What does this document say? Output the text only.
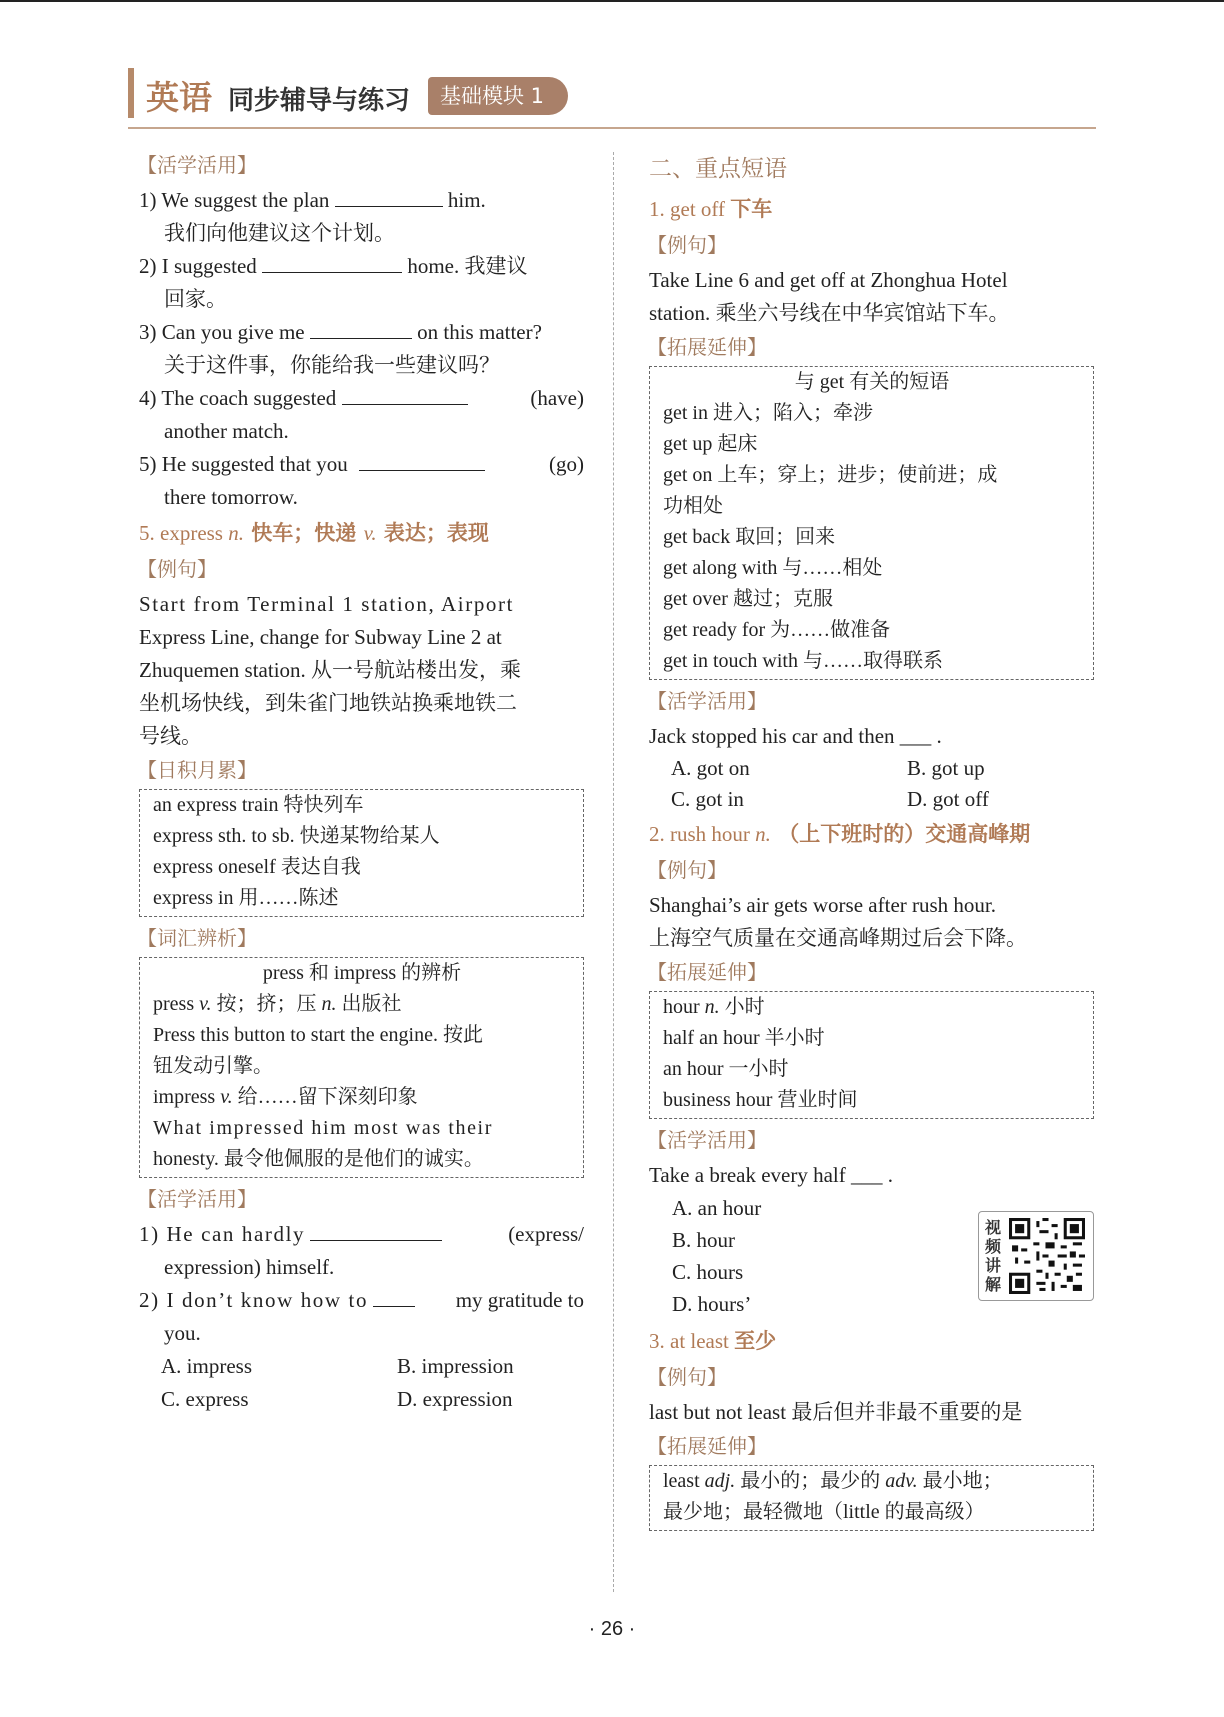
英语 同步辅导与练习	基础模块 1
【活学活用】
1) We suggest the plan	him.
我们向他建议这个计划。
2) I suggested	home. 我建议
回家。
3) Can you give me	on this matter?
关于这件事，你能给我一些建议吗？
4) The coach suggested	(have)
another match.
5) He suggested that you	(go)
there tomorrow.
5. express n. 快车；快递 v. 表达；表现
【例句】
Start from Terminal 1 station, Airport
Express Line, change for Subway Line 2 at
Zhuquemen station. 从一号航站楼出发，乘
坐机场快线，到朱雀门地铁站换乘地铁二
号线。
【日积月累】
an express train 特快列车
express sth. to sb. 快递某物给某人
express oneself 表达自我
express in 用……陈述
【词汇辨析】
press 和 impress 的辨析
press v. 按；挤；压 n. 出版社
Press this button to start the engine. 按此
钮发动引擎。
impress v. 给……留下深刻印象
What impressed him most was their
honesty. 最令他佩服的是他们的诚实。
【活学活用】
1) He can hardly	(express/
expression) himself.
2) I don’t know how to	my gratitude to
you.
A. impress	B. impression
C. express	D. expression
二、重点短语
1. get off 下车
【例句】
Take Line 6 and get off at Zhonghua Hotel
station. 乘坐六号线在中华宾馆站下车。
【拓展延伸】
与 get 有关的短语
get in 进入；陷入；牵涉
get up 起床
get on 上车；穿上；进步；使前进；成
功相处
get back 取回；回来
get along with 与……相处
get over 越过；克服
get ready for 为……做准备
get in touch with 与……取得联系
【活学活用】
Jack stopped his car and then ___ .
A. got on	B. got up
C. got in	D. got off
2. rush hour n. （上下班时的）交通高峰期
【例句】
Shanghai’s air gets worse after rush hour.
上海空气质量在交通高峰期过后会下降。
【拓展延伸】
hour n. 小时
half an hour 半小时
an hour 一小时
business hour 营业时间
【活学活用】
Take a break every half ___ .
A. an hour
B. hour
C. hours
D. hours’
3. at least 至少
【例句】
last but not least 最后但并非最不重要的是
【拓展延伸】
least adj. 最小的；最少的 adv. 最小地；
最少地；最轻微地（little 的最高级）
视频讲解
· 26 ·
